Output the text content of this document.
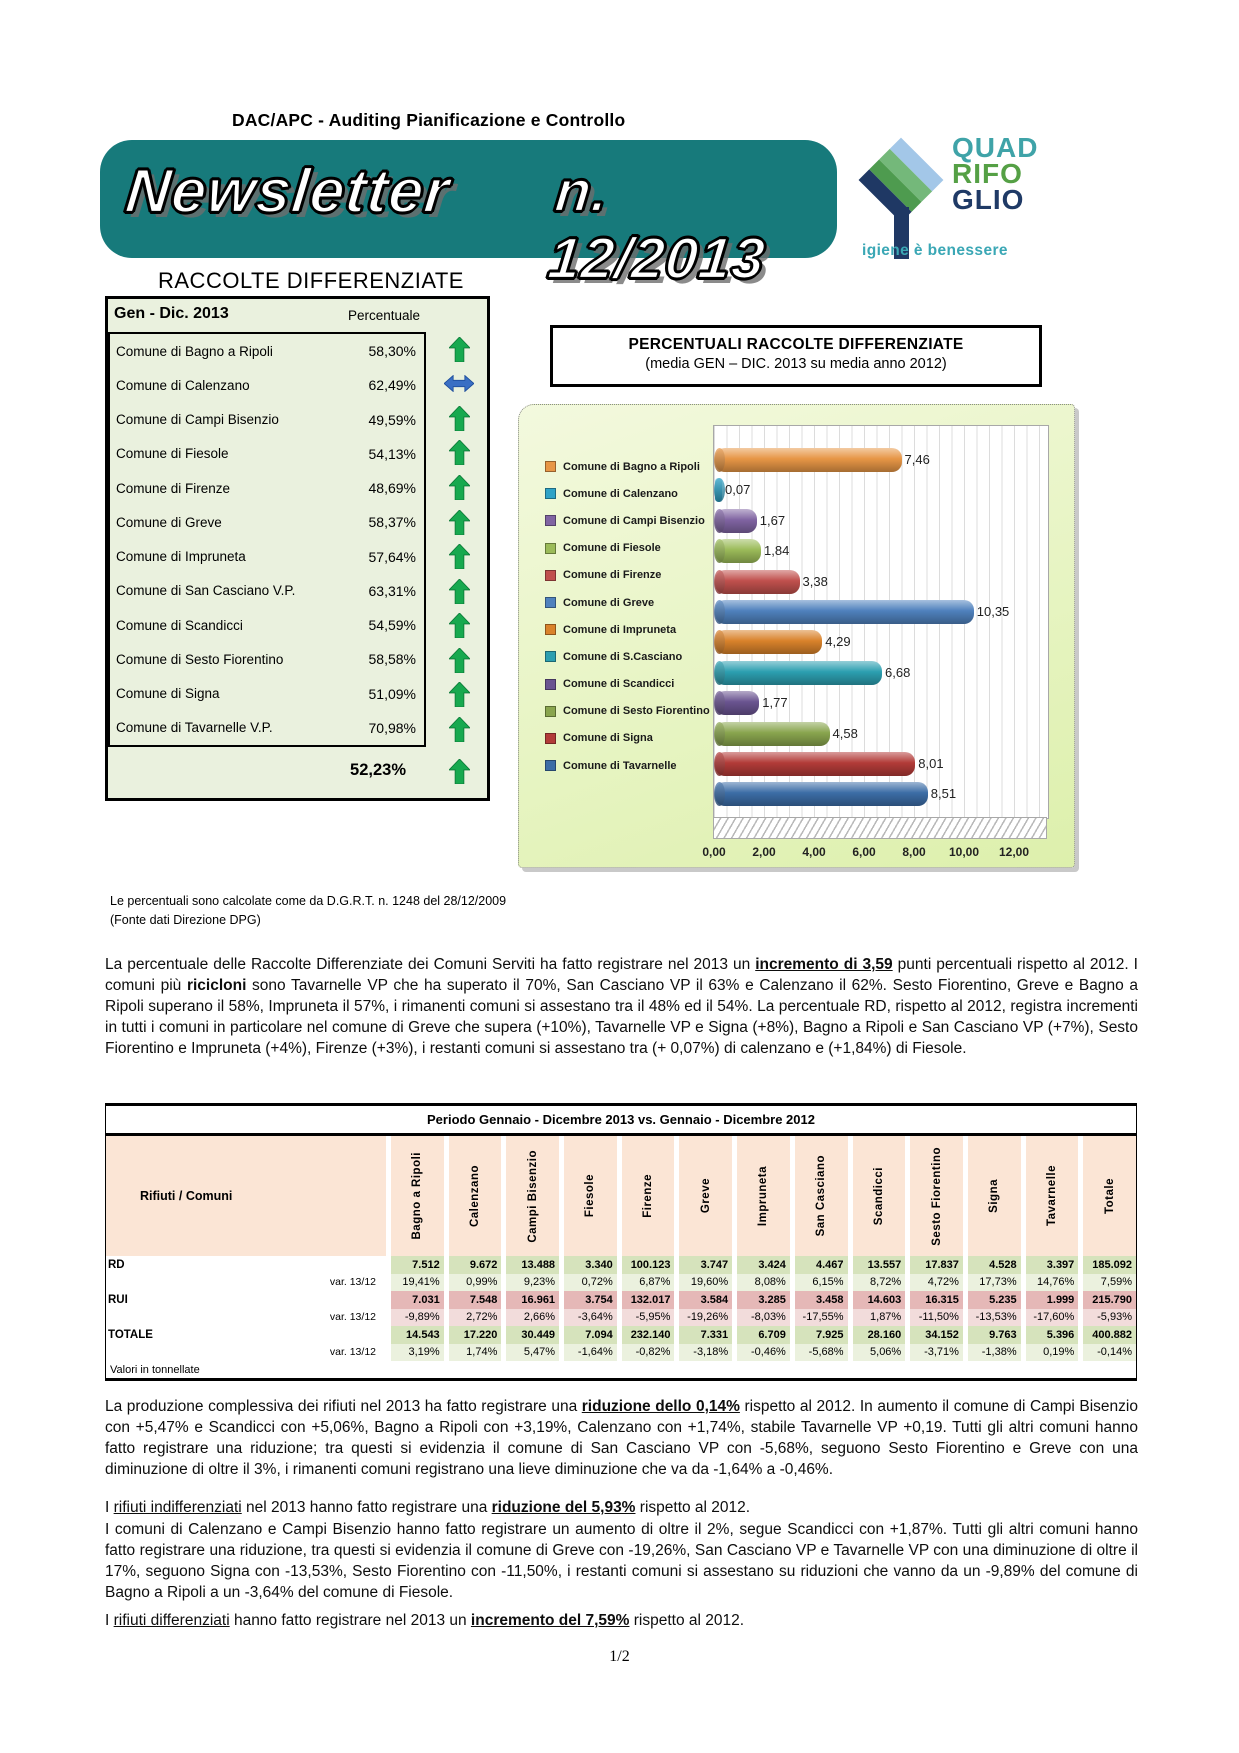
DAC/APC - Auditing Pianificazione e Controllo
Newsletter n. 12/2013
QUAD
RIFO
GLIO
igiene è benessere
RACCOLTE DIFFERENZIATE
Gen - Dic. 2013	Percentuale
Comune di Bagno a Ripoli	58,30%
Comune di Calenzano	62,49%
Comune di Campi Bisenzio	49,59%
Comune di Fiesole	54,13%
Comune di Firenze	48,69%
Comune di Greve	58,37%
Comune di Impruneta	57,64%
Comune di San Casciano V.P.	63,31%
Comune di Scandicci	54,59%
Comune di Sesto Fiorentino	58,58%
Comune di Signa	51,09%
Comune di Tavarnelle V.P.	70,98%
52,23%
Le percentuali sono calcolate come da D.G.R.T. n. 1248 del 28/12/2009
(Fonte dati Direzione DPG)
PERCENTUALI RACCOLTE DIFFERENZIATE
(media GEN – DIC. 2013 su media anno 2012)
Comune di Bagno a Ripoli
Comune di Calenzano
Comune di Campi Bisenzio
Comune di Fiesole
Comune di Firenze
Comune di Greve
Comune di Impruneta
Comune di S.Casciano
Comune di Scandicci
Comune di Sesto Fiorentino
Comune di Signa
Comune di Tavarnelle
7,46
0,07
1,67
1,84
3,38
10,35
4,29
6,68
1,77
4,58
8,01
8,51
0,00 2,00 4,00 6,00 8,00 10,00 12,00
La percentuale delle Raccolte Differenziate dei Comuni Serviti ha fatto registrare nel 2013 un incremento di 3,59 punti percentuali rispetto al 2012. I comuni più ricicloni sono Tavarnelle VP che ha superato il 70%, San Casciano VP il 63% e Calenzano il 62%. Sesto Fiorentino, Greve e Bagno a Ripoli superano il 58%, Impruneta il 57%, i rimanenti comuni si assestano tra il 48% ed il 54%. La percentuale RD, rispetto al 2012, registra incrementi in tutti i comuni in particolare nel comune di Greve che supera (+10%), Tavarnelle VP e Signa (+8%), Bagno a Ripoli e San Casciano VP (+7%), Sesto Fiorentino e Impruneta (+4%), Firenze (+3%), i restanti comuni si assestano tra (+ 0,07%) di calenzano e (+1,84%) di Fiesole.
Periodo Gennaio - Dicembre 2013 vs. Gennaio - Dicembre 2012
Rifiuti / Comuni	Bagno a Ripoli	Calenzano	Campi Bisenzio	Fiesole	Firenze	Greve	Impruneta	San Casciano	Scandicci	Sesto Fiorentino	Signa	Tavarnelle	Totale
RD	7.512	9.672	13.488	3.340	100.123	3.747	3.424	4.467	13.557	17.837	4.528	3.397	185.092
var. 13/12	19,41%	0,99%	9,23%	0,72%	6,87%	19,60%	8,08%	6,15%	8,72%	4,72%	17,73%	14,76%	7,59%
RUI	7.031	7.548	16.961	3.754	132.017	3.584	3.285	3.458	14.603	16.315	5.235	1.999	215.790
var. 13/12	-9,89%	2,72%	2,66%	-3,64%	-5,95%	-19,26%	-8,03%	-17,55%	1,87%	-11,50%	-13,53%	-17,60%	-5,93%
TOTALE	14.543	17.220	30.449	7.094	232.140	7.331	6.709	7.925	28.160	34.152	9.763	5.396	400.882
var. 13/12	3,19%	1,74%	5,47%	-1,64%	-0,82%	-3,18%	-0,46%	-5,68%	5,06%	-3,71%	-1,38%	0,19%	-0,14%
Valori in tonnellate
La produzione complessiva dei rifiuti nel 2013 ha fatto registrare una riduzione dello 0,14% rispetto al 2012. In aumento il comune di Campi Bisenzio con +5,47% e Scandicci con +5,06%, Bagno a Ripoli con +3,19%, Calenzano con +1,74%, stabile Tavarnelle VP +0,19. Tutti gli altri comuni hanno fatto registrare una riduzione; tra questi si evidenzia il comune di San Casciano VP con -5,68%, seguono Sesto Fiorentino e Greve con una diminuzione di oltre il 3%, i rimanenti comuni registrano una lieve diminuzione che va da -1,64% a -0,46%.
I rifiuti indifferenziati nel 2013 hanno fatto registrare una riduzione del 5,93% rispetto al 2012.
I comuni di Calenzano e Campi Bisenzio hanno fatto registrare un aumento di oltre il 2%, segue Scandicci con +1,87%. Tutti gli altri comuni hanno fatto registrare una riduzione, tra questi si evidenzia il comune di Greve con -19,26%, San Casciano VP e Tavarnelle VP con una diminuzione di oltre il 17%, seguono Signa con -13,53%, Sesto Fiorentino con -11,50%, i restanti comuni si assestano su riduzioni che vanno da un -9,89% del comune di Bagno a Ripoli a un -3,64% del comune di Fiesole.
I rifiuti differenziati hanno fatto registrare nel 2013 un incremento del 7,59% rispetto al 2012.
1/2
